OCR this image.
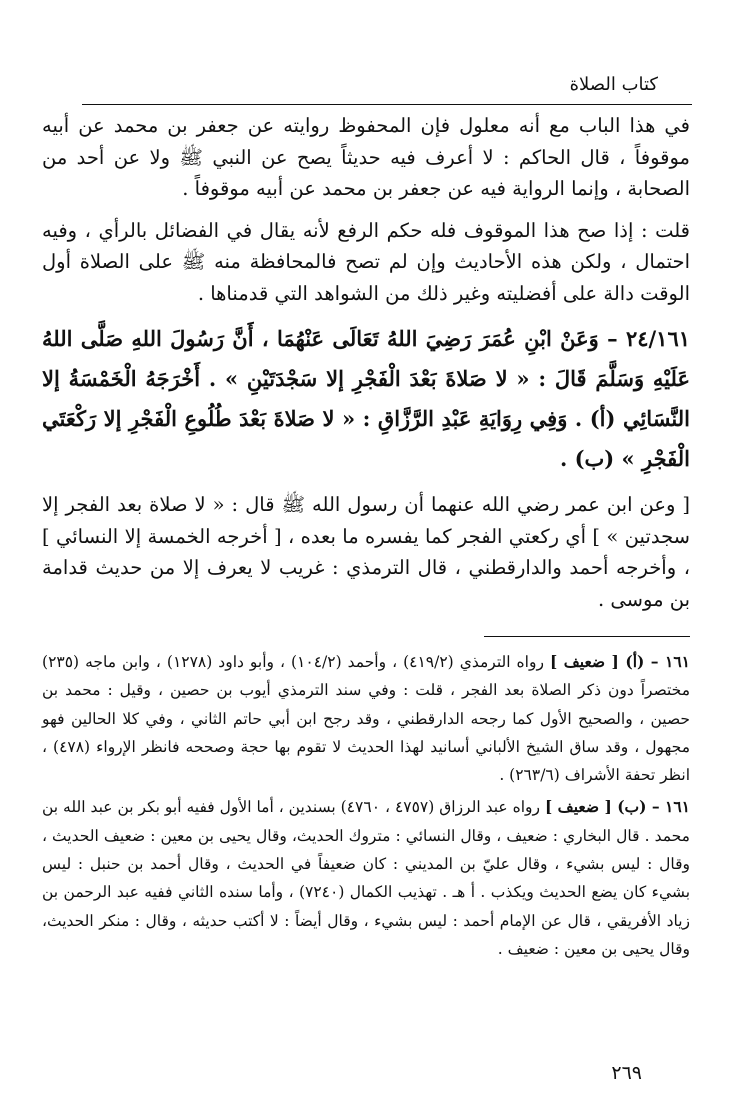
كتاب الصلاة

في هذا الباب مع أنه معلول فإن المحفوظ روايته عن جعفر بن محمد عن أبيه موقوفاً ، قال الحاكم : لا أعرف فيه حديثاً يصح عن النبي ﷺ ولا عن أحد من الصحابة ، وإنما الرواية فيه عن جعفر بن محمد عن أبيه موقوفاً .

قلت : إذا صح هذا الموقوف فله حكم الرفع لأنه يقال في الفضائل بالرأي ، وفيه احتمال ، ولكن هذه الأحاديث وإن لم تصح فالمحافظة منه ﷺ على الصلاة أول الوقت دالة على أفضليته وغير ذلك من الشواهد التي قدمناها .

٢٤/١٦١ – وَعَنْ ابْنِ عُمَرَ رَضِيَ اللهُ تَعَالَى عَنْهُمَا ، أَنَّ رَسُولَ اللهِ صَلَّى اللهُ عَلَيْهِ وَسَلَّمَ قَالَ : « لا صَلاةَ بَعْدَ الْفَجْرِ إلا سَجْدَتَيْنِ » . أَخْرَجَهُ الْخَمْسَةُ إلا النَّسَائِي (أ) . وَفِي رِوَايَةِ عَبْدِ الرَّزَّاقِ : « لا صَلاةَ بَعْدَ طُلُوعِ الْفَجْرِ إلا رَكْعَتَي الْفَجْرِ » (ب) .

[ وعن ابن عمر رضي الله عنهما أن رسول الله ﷺ قال : « لا صلاة بعد الفجر إلا سجدتين » ] أي ركعتي الفجر كما يفسره ما بعده ، [ أخرجه الخمسة إلا النسائي ] ، وأخرجه أحمد والدارقطني ، قال الترمذي : غريب لا يعرف إلا من حديث قدامة بن موسى .

١٦١ – (أ) [ ضعيف ] رواه الترمذي (٤١٩/٢) ، وأحمد (١٠٤/٢) ، وأبو داود (١٢٧٨) ، وابن ماجه (٢٣٥) مختصراً دون ذكر الصلاة بعد الفجر ، قلت : وفي سند الترمذي أيوب بن حصين ، وقيل : محمد بن حصين ، والصحيح الأول كما رجحه الدارقطني ، وقد رجح ابن أبي حاتم الثاني ، وفي كلا الحالين فهو مجهول ، وقد ساق الشيخ الألباني أسانيد لهذا الحديث لا تقوم بها حجة وصححه فانظر الإرواء (٤٧٨) ، انظر تحفة الأشراف (٢٦٣/٦) .

١٦١ – (ب) [ ضعيف ] رواه عبد الرزاق (٤٧٥٧ ، ٤٧٦٠) بسندين ، أما الأول ففيه أبو بكر بن عبد الله بن محمد . قال البخاري : ضعيف ، وقال النسائي : متروك الحديث، وقال يحيى بن معين : ضعيف الحديث ، وقال : ليس بشيء ، وقال عليّ بن المديني : كان ضعيفاً في الحديث ، وقال أحمد بن حنبل : ليس بشيء كان يضع الحديث ويكذب . أ هـ . تهذيب الكمال (٧٢٤٠) ، وأما سنده الثاني ففيه عبد الرحمن بن زياد الأفريقي ، قال عن الإمام أحمد : ليس بشيء ، وقال أيضاً : لا أكتب حديثه ، وقال : منكر الحديث، وقال يحيى بن معين : ضعيف .

٢٦٩
